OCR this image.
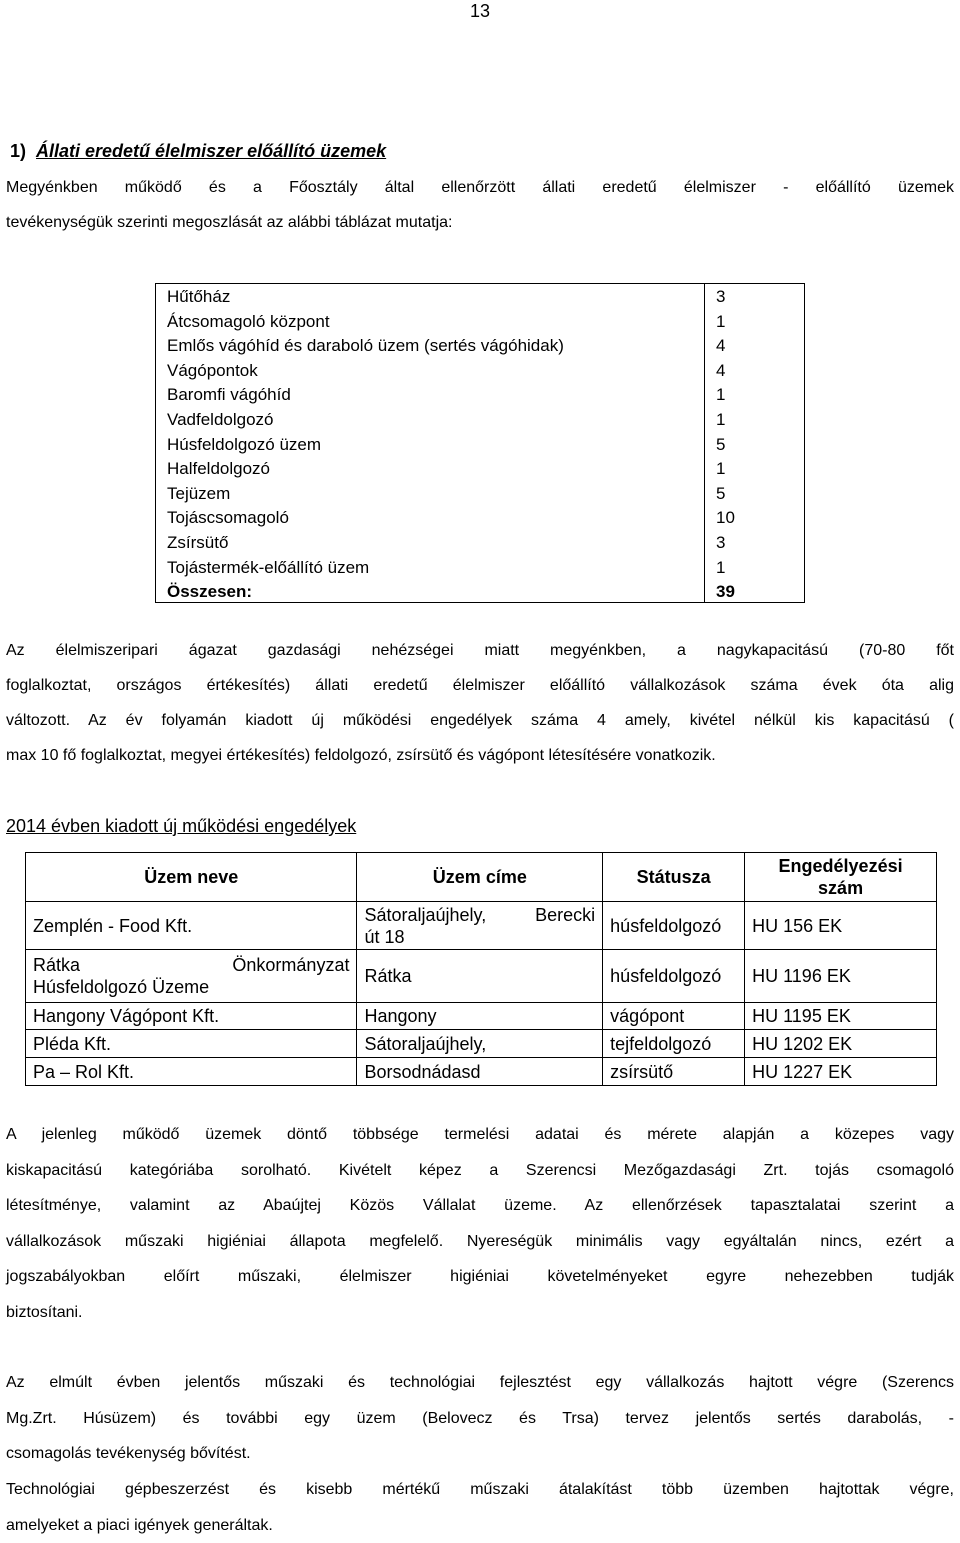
13
1) Állati eredetű élelmiszer előállító üzemek
Megyénkben működő és a Főosztály által ellenőrzött állati eredetű élelmiszer - előállító üzemek
tevékenységük szerinti megoszlását az alábbi táblázat mutatja:
Hűtőház	3
Átcsomagoló központ	1
Emlős vágóhíd és daraboló üzem (sertés vágóhidak)	4
Vágópontok	4
Baromfi vágóhíd	1
Vadfeldolgozó	1
Húsfeldolgozó üzem	5
Halfeldolgozó	1
Tejüzem	5
Tojáscsomagoló	10
Zsírsütő	3
Tojástermék-előállító üzem	1
Összesen:	39
Az élelmiszeripari ágazat gazdasági nehézségei miatt megyénkben, a nagykapacitású (70-80 főt
foglalkoztat, országos értékesítés) állati eredetű élelmiszer előállító vállalkozások száma évek óta alig
változott. Az év folyamán kiadott új működési engedélyek száma 4 amely, kivétel nélkül kis kapacitású (
max 10 fő foglalkoztat, megyei értékesítés) feldolgozó, zsírsütő és vágópont létesítésére vonatkozik.
2014 évben kiadott új működési engedélyek
Üzem neve	Üzem címe	Státusza	Engedélyezési
szám

Zemplén - Food Kft.	Sátoraljaújhely, Berecki
út 18	húsfeldolgozó	HU 156 EK

Rátka Önkormányzat
Húsfeldolgozó Üzeme	Rátka	húsfeldolgozó	HU 1196 EK
Hangony Vágópont Kft.	Hangony	vágópont	HU 1195 EK
Pléda Kft.	Sátoraljaújhely,	tejfeldolgozó	HU 1202 EK
Pa – Rol Kft.	Borsodnádasd	zsírsütő	HU 1227 EK
A jelenleg működő üzemek döntő többsége termelési adatai és mérete alapján a közepes vagy
kiskapacitású kategóriába sorolható. Kivételt képez a Szerencsi Mezőgazdasági Zrt. tojás csomagoló
létesítménye, valamint az Abaújtej Közös Vállalat üzeme. Az ellenőrzések tapasztalatai szerint a
vállalkozások műszaki higiéniai állapota megfelelő. Nyereségük minimális vagy egyáltalán nincs, ezért a
jogszabályokban előírt műszaki, élelmiszer higiéniai követelményeket egyre nehezebben tudják
biztosítani.
Az elmúlt évben jelentős műszaki és technológiai fejlesztést egy vállalkozás hajtott végre (Szerencs
Mg.Zrt. Húsüzem) és további egy üzem (Belovecz és Trsa) tervez jelentős sertés darabolás, -
csomagolás tevékenység bővítést.
Technológiai gépbeszerzést és kisebb mértékű műszaki átalakítást több üzemben hajtottak végre,
amelyeket a piaci igények generáltak.
